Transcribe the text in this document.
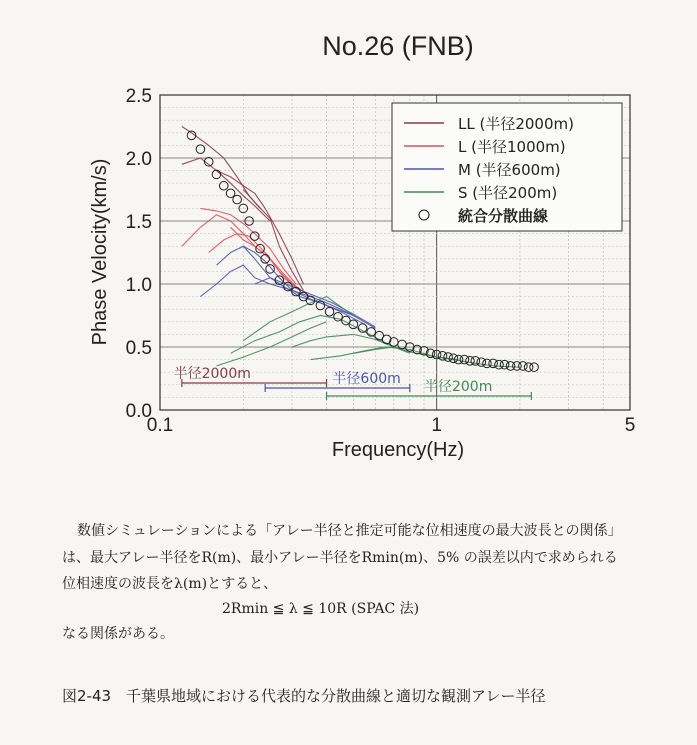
No.26 (FNB)
半径2000m	半径600m 半径200m
0.0
0.5
1.0
1.5
2.0
2.5
0.1	1	5
Frequency(Hz)
Phase Velocity(km/s)
LL (半径2000m)
L (半径1000m)
M (半径600m)
S (半径200m)
統合分散曲線
数値シミュレーションによる「アレー半径と推定可能な位相速度の最大波長との関係」
は、最大アレー半径をR(m)、最小アレー半径をRmin(m)、5% の誤差以内で求められる
位相速度の波長をλ(m)とすると、
2Rmin ≦ λ ≦ 10R (SPAC 法)
なる関係がある。
図2-43　千葉県地域における代表的な分散曲線と適切な観測アレー半径
